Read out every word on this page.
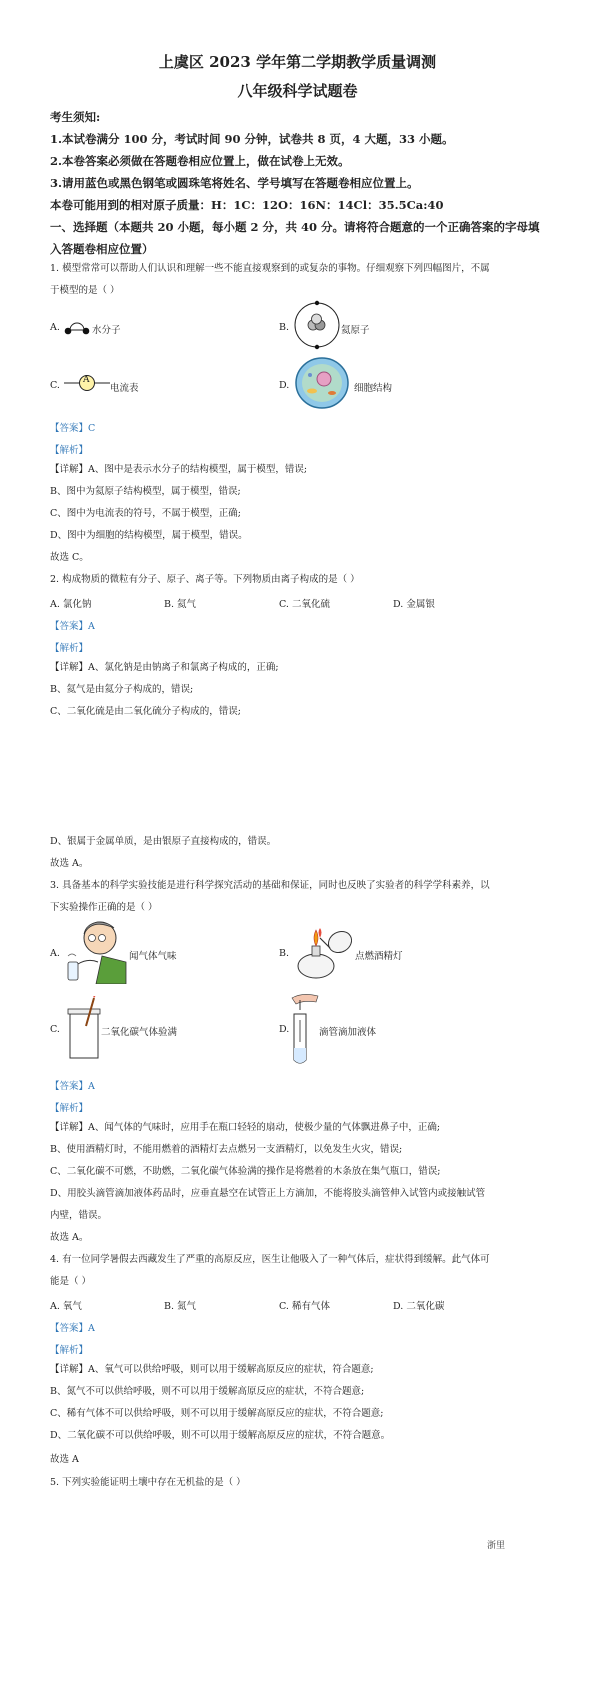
上虞区 2023 学年第二学期教学质量调测
八年级科学试题卷
考生须知:
1.本试卷满分 100 分，考试时间 90 分钟，试卷共 8 页，4 大题，33 小题。
2.本卷答案必须做在答题卷相应位置上，做在试卷上无效。
3.请用蓝色或黑色钢笔或圆珠笔将姓名、学号填写在答题卷相应位置上。
本卷可能用到的相对原子质量：H：1C：12O：16N：14Cl：35.5Ca:40
一、选择题（本题共 20 小题，每小题 2 分，共 40 分。请将符合题意的一个正确答案的字母填
入答题卷相应位置）
1. 模型常常可以帮助人们认识和理解一些不能直接观察到的或复杂的事物。仔细观察下列四幅图片，不属
于模型的是（ ）
A.	水分子	B.	氦原子
C.	A
电流表	D.	细胞结构
【答案】C
【解析】
【详解】A、图中是表示水分子的结构模型，属于模型，错误;
B、图中为氦原子结构模型，属于模型，错误;
C、图中为电流表的符号，不属于模型，正确;
D、图中为细胞的结构模型，属于模型，错误。
故选 C。
2. 构成物质的微粒有分子、原子、离子等。下列物质由离子构成的是（ ）
A. 氯化钠	B. 氦气	C. 二氧化硫	D. 金属银
【答案】A
【解析】
【详解】A、氯化钠是由钠离子和氯离子构成的，正确;
B、氦气是由氦分子构成的，错误;
C、二氧化硫是由二氧化硫分子构成的，错误;
D、银属于金属单质，是由银原子直接构成的，错误。
故选 A。
3. 具备基本的科学实验技能是进行科学探究活动的基础和保证，同时也反映了实验者的科学学科素养，以
下实验操作正确的是（ ）
A.	闻气体气味	B.	点燃酒精灯
C.	二氧化碳气体验满	D.	滴管滴加液体
【答案】A
【解析】
【详解】A、闻气体的气味时，应用手在瓶口轻轻的扇动，使极少量的气体飘进鼻子中，正确;
B、使用酒精灯时，不能用燃着的酒精灯去点燃另一支酒精灯，以免发生火灾，错误;
C、二氧化碳不可燃，不助燃，二氧化碳气体验满的操作是将燃着的木条放在集气瓶口，错误;
D、用胶头滴管滴加液体药品时，应垂直悬空在试管正上方滴加，不能将胶头滴管伸入试管内或接触试管
内壁，错误。
故选 A。
4. 有一位同学暑假去西藏发生了严重的高原反应，医生让他吸入了一种气体后，症状得到缓解。此气体可
能是（ ）
A. 氧气	B. 氮气	C. 稀有气体	D. 二氧化碳
【答案】A
【解析】
【详解】A、氧气可以供给呼吸，则可以用于缓解高原反应的症状，符合题意;
B、氮气不可以供给呼吸，则不可以用于缓解高原反应的症状，不符合题意;
C、稀有气体不可以供给呼吸，则不可以用于缓解高原反应的症状，不符合题意;
D、二氧化碳不可以供给呼吸，则不可以用于缓解高原反应的症状，不符合题意。
故选 A
5. 下列实验能证明土壤中存在无机盐的是（ ）
浙里
